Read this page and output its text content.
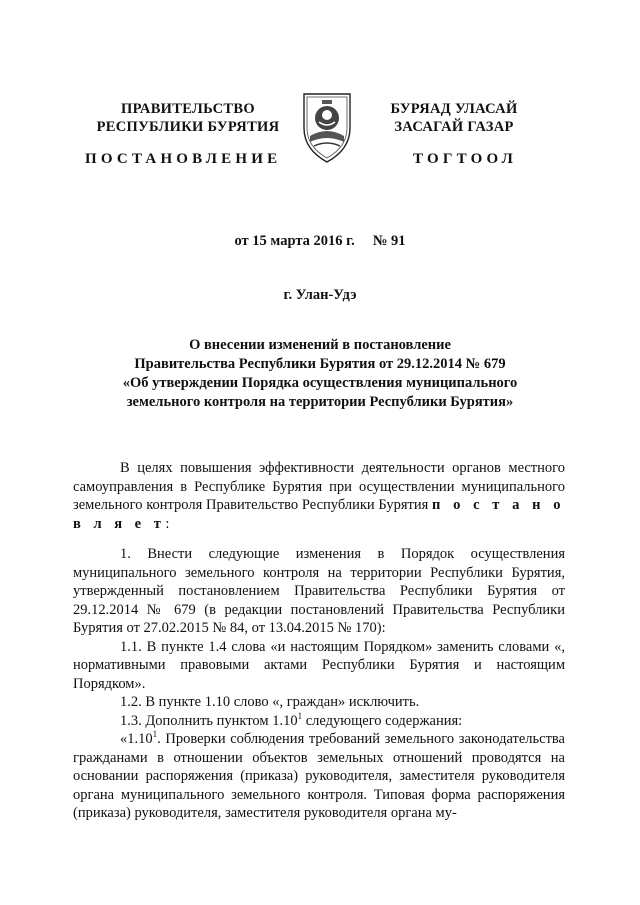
ПРАВИТЕЛЬСТВО
РЕСПУБЛИКИ БУРЯТИЯ
БУРЯАД УЛАСАЙ
ЗАСАГАЙ ГАЗАР
ПОСТАНОВЛЕНИЕ	ТОГТООЛ
от 15 марта 2016 г.     № 91
г. Улан-Удэ
О внесении изменений в постановление
Правительства Республики Бурятия от 29.12.2014 № 679
«Об утверждении Порядка осуществления муниципального
земельного контроля на территории Республики Бурятия»

В целях повышения эффективности деятельности органов местного самоуправления в Республике Бурятия при осуществлении муниципального земельного контроля Правительство Республики Бурятия п о с т а н о в л я е т:

1. Внести следующие изменения в Порядок осуществления муниципального земельного контроля на территории Республики Бурятия, утвержденный постановлением Правительства Республики Бурятия от 29.12.2014 № 679 (в редакции постановлений Правительства Республики Бурятия от 27.02.2015 № 84, от 13.04.2015 № 170):

1.1. В пункте 1.4 слова «и настоящим Порядком» заменить словами «, нормативными правовыми актами Республики Бурятия и настоящим Порядком».

1.2. В пункте 1.10 слово «, граждан» исключить.

1.3. Дополнить пунктом 1.10$^1$ следующего содержания:

«1.10$^1$. Проверки соблюдения требований земельного законодательства гражданами в отношении объектов земельных отношений проводятся на основании распоряжения (приказа) руководителя, заместителя руководителя органа муниципального земельного контроля. Типовая форма распоряжения (приказа) руководителя, заместителя руководителя органа му-
